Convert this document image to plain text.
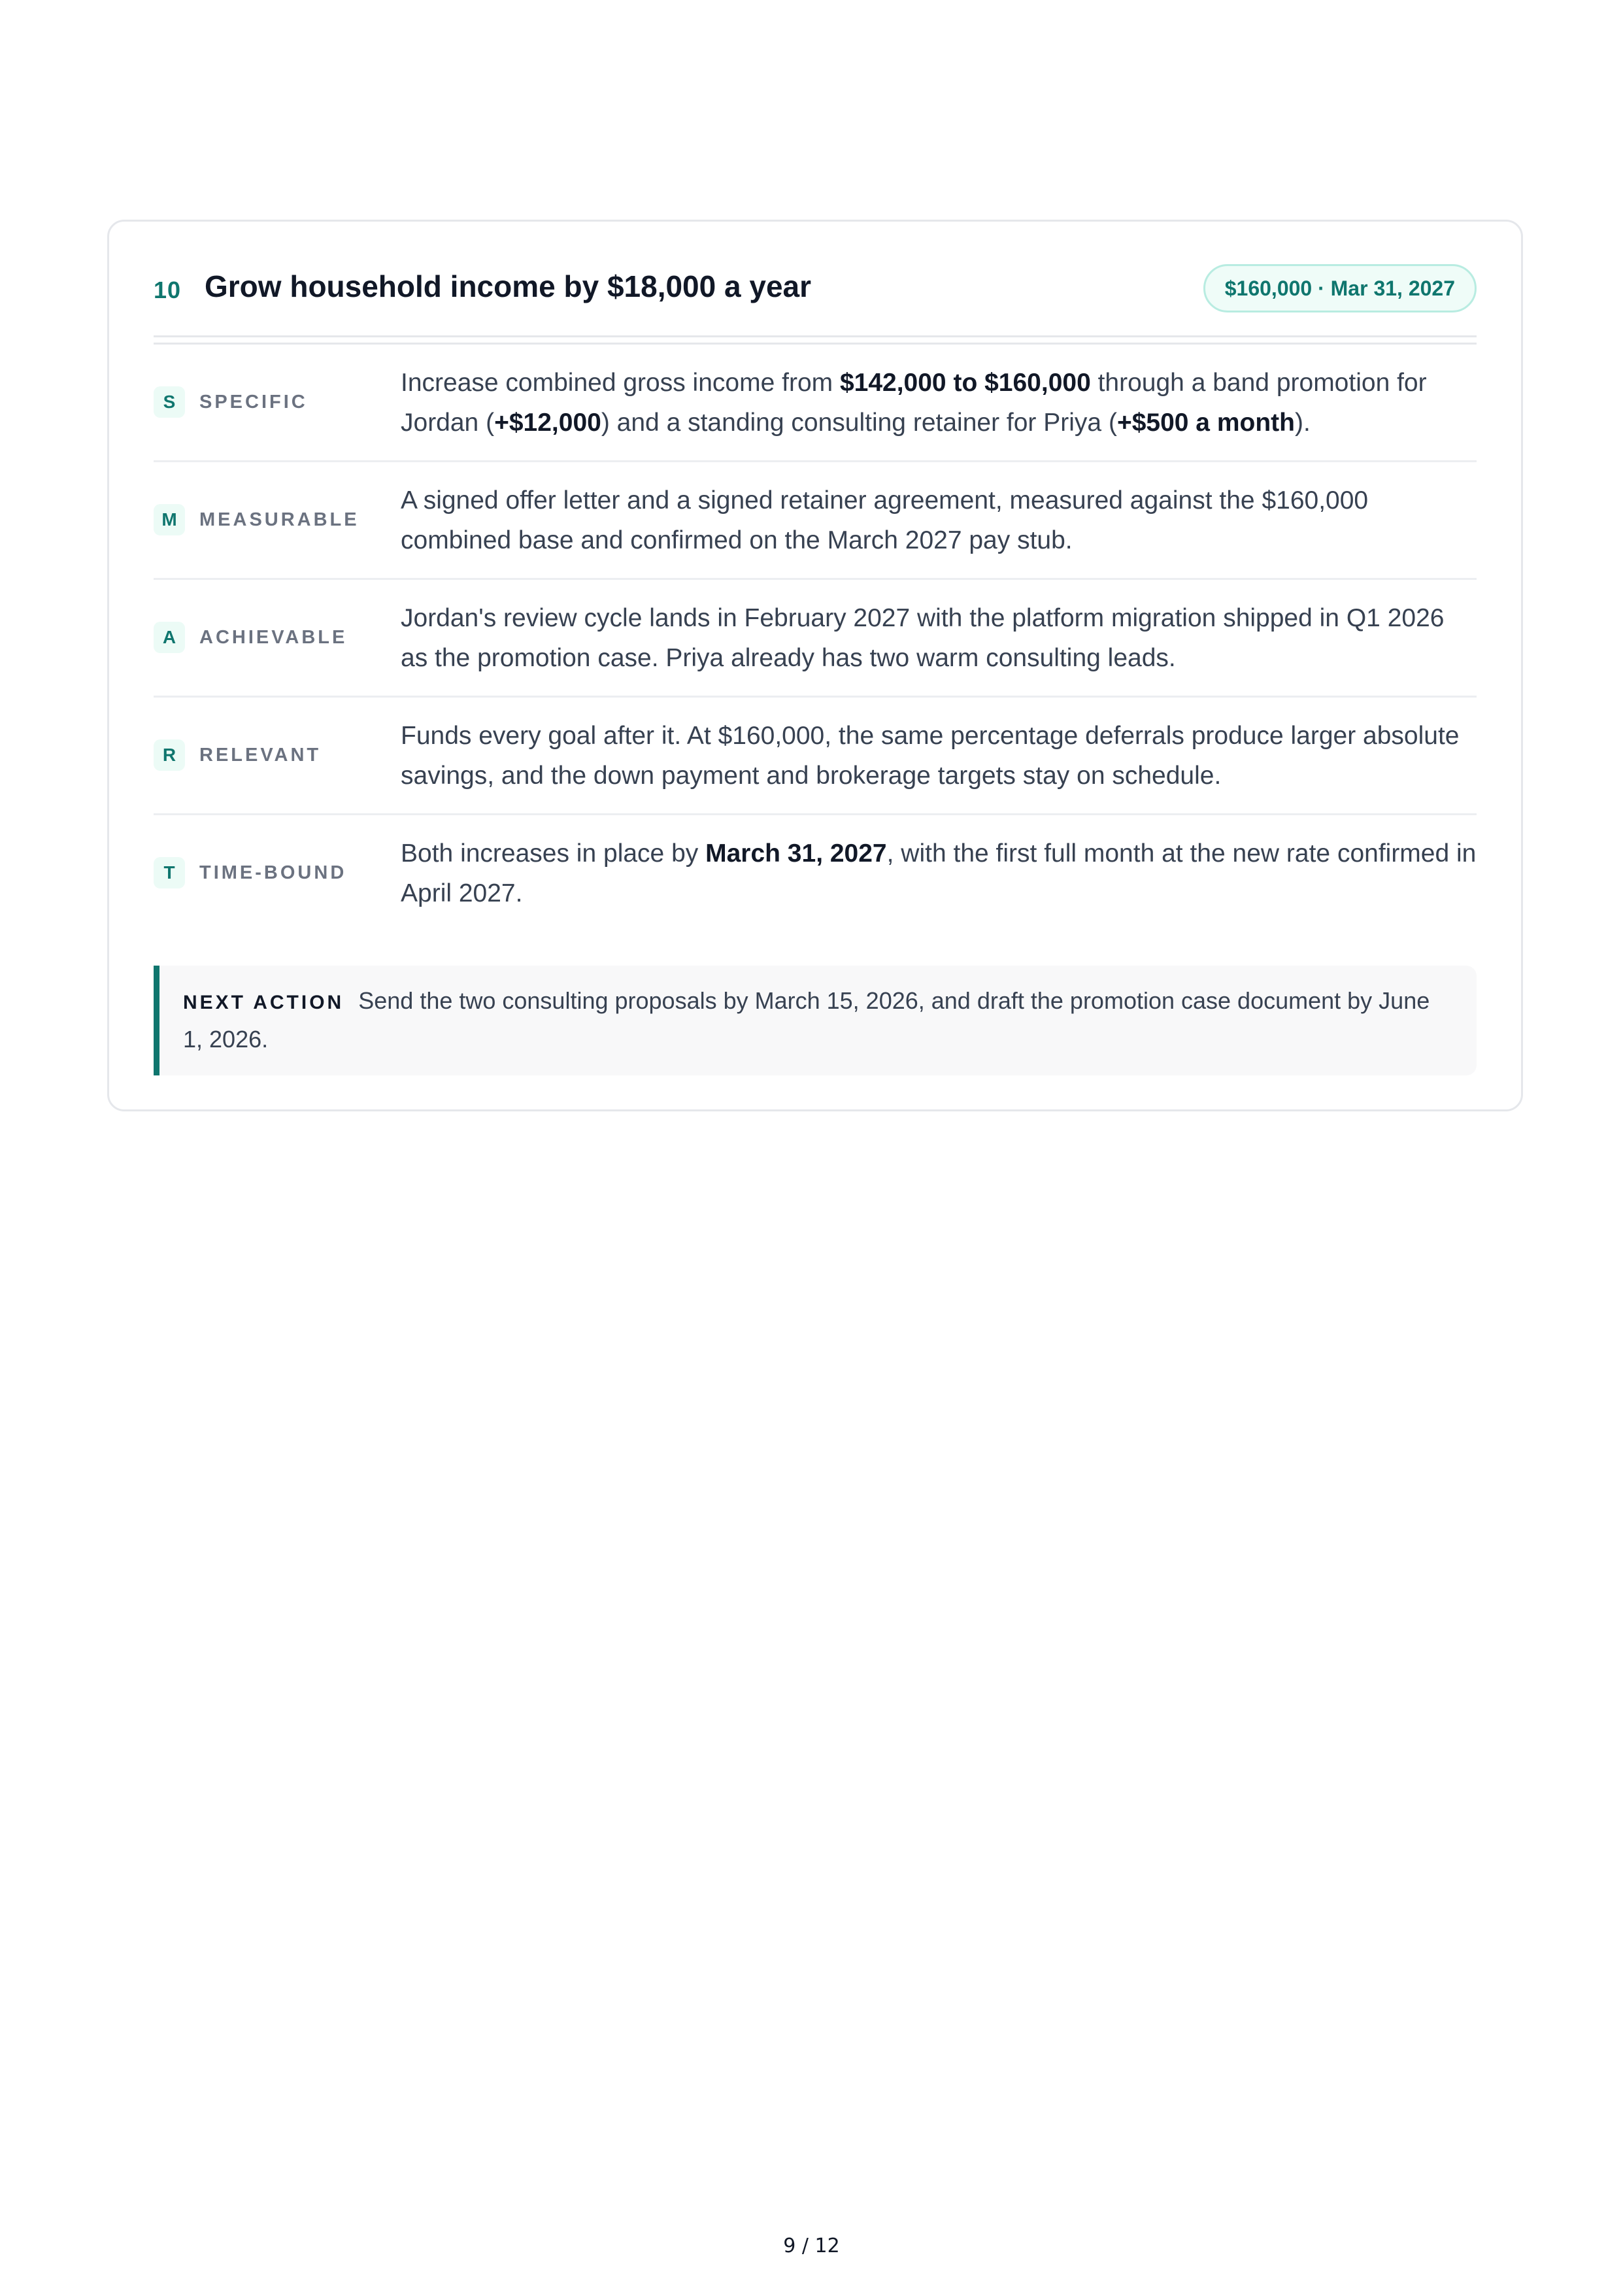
10 Grow household income by $18,000 a year	$160,000 · Mar 31, 2027
S	SPECIFIC
Increase combined gross income from $142,000 to $160,000 through a band promotion for Jordan (+$12,000) and a standing consulting retainer for Priya (+$500 a month).
M	MEASURABLE
A signed offer letter and a signed retainer agreement, measured against the $160,000 combined base and confirmed on the March 2027 pay stub.
A	ACHIEVABLE
Jordan's review cycle lands in February 2027 with the platform migration shipped in Q1 2026 as the promotion case. Priya already has two warm consulting leads.
R	RELEVANT
Funds every goal after it. At $160,000, the same percentage deferrals produce larger absolute savings, and the down payment and brokerage targets stay on schedule.
T	TIME-BOUND
Both increases in place by March 31, 2027, with the first full month at the new rate confirmed in April 2027.
NEXT ACTION Send the two consulting proposals by March 15, 2026, and draft the promotion case document by June 1, 2026.
9 / 12
